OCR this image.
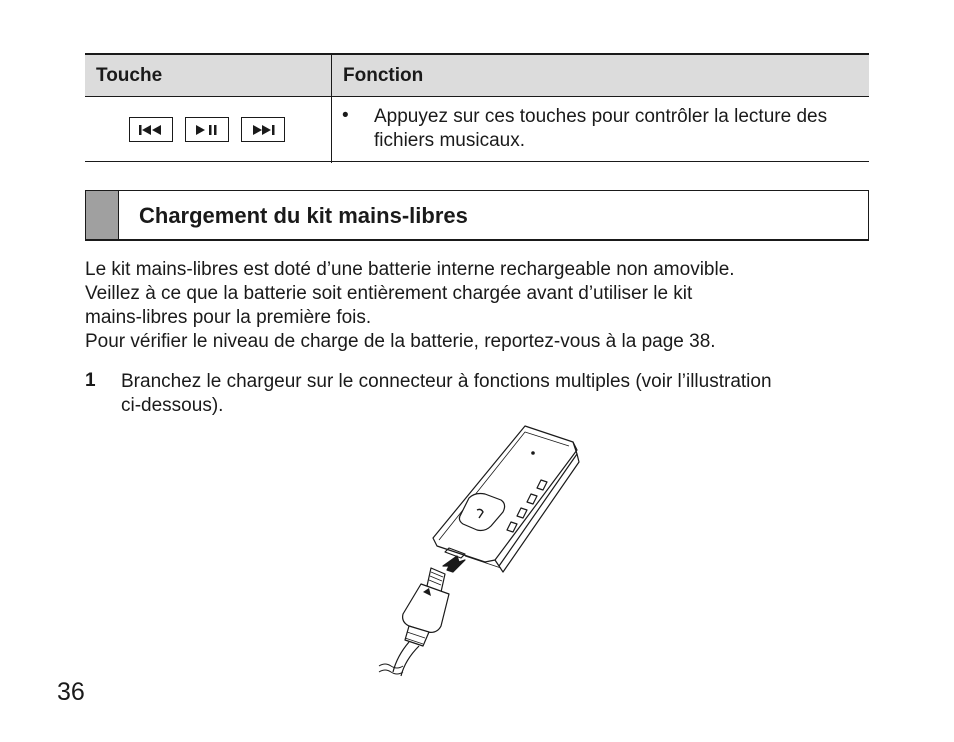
Touche	Fonction
• Appuyez sur ces touches pour contrôler la lecture des fichiers musicaux.
Chargement du kit mains-libres
Le kit mains-libres est doté d’une batterie interne rechargeable non amovible.
Veillez à ce que la batterie soit entièrement chargée avant d’utiliser le kit
mains-libres pour la première fois.
Pour vérifier le niveau de charge de la batterie, reportez-vous à la page 38.
1 Branchez le chargeur sur le connecteur à fonctions multiples (voir l’illustration
ci-dessous).
36
